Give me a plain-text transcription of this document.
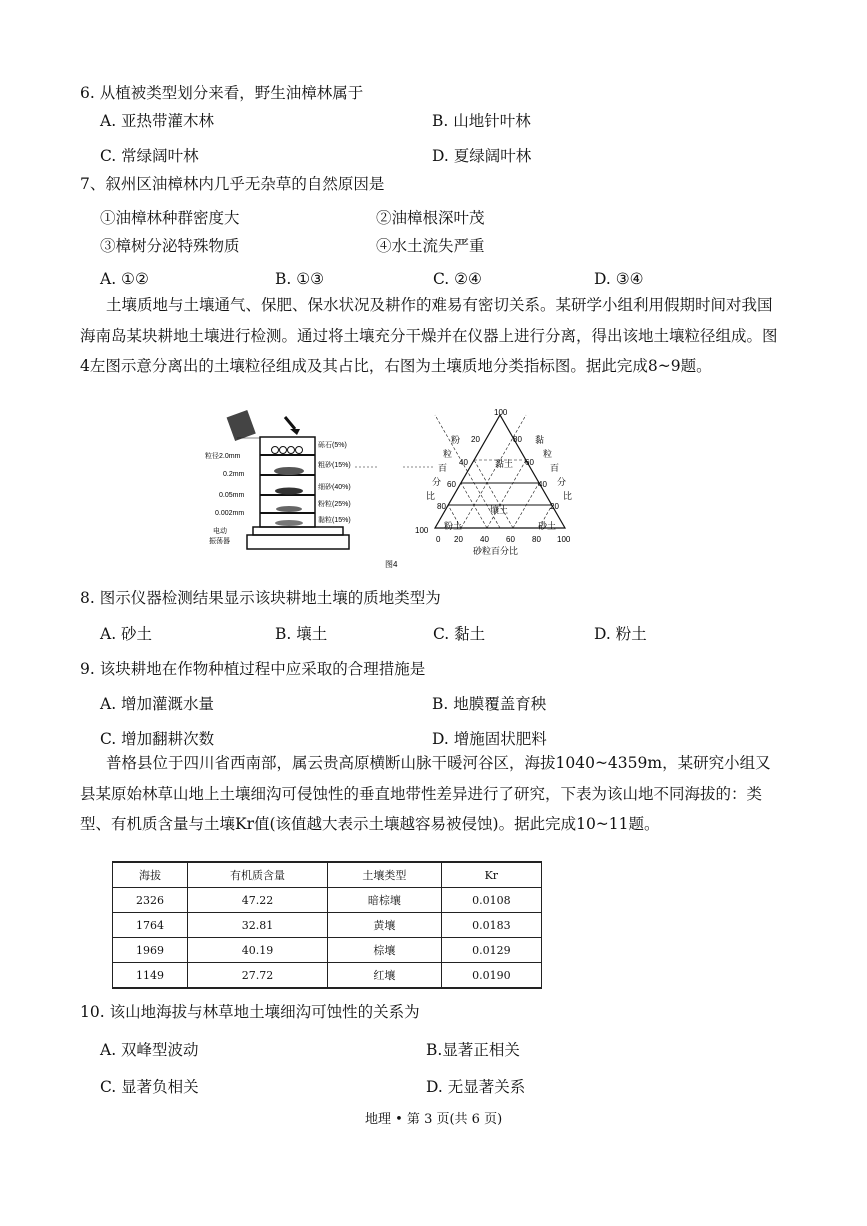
6. 从植被类型划分来看，野生油樟林属于
A. 亚热带灌木林	B. 山地针叶林
C. 常绿阔叶林	D. 夏绿阔叶林
7、叙州区油樟林内几乎无杂草的自然原因是
①油樟林种群密度大	②油樟根深叶茂
③樟树分泌特殊物质	④水土流失严重
A. ①②	B. ①③	C. ②④	D. ③④
土壤质地与土壤通气、保肥、保水状况及耕作的难易有密切关系。某研学小组利用假期时间对我国海南岛某块耕地土壤进行检测。通过将土壤充分干燥并在仪器上进行分离，得出该地土壤粒径组成。图4左图示意分离出的土壤粒径组成及其占比，右图为土壤质地分类指标图。据此完成8~9题。
粒径2.0mm
0.2mm
0.05mm
0.002mm
砾石(5%)
粗砂(15%)
细砂(40%)
粉粒(25%)
黏粒(15%)
电动
振荡器
100
0 20 40 60 80 100
20
40
60
80
100
80
60
40
20
粉
粒
百
分
比
黏
粒
百
分
比
黏土
壤土
粉土	砂土
砂粒百分比
图4
8. 图示仪器检测结果显示该块耕地土壤的质地类型为
A. 砂土	B. 壤土	C. 黏土	D. 粉土
9. 该块耕地在作物种植过程中应采取的合理措施是
A. 增加灌溉水量	B. 地膜覆盖育秧
C. 增加翻耕次数	D. 增施固状肥料
普格县位于四川省西南部，属云贵高原横断山脉干暖河谷区，海拔1040~4359m，某研究小组又县某原始林草山地上土壤细沟可侵蚀性的垂直地带性差异进行了研究，下表为该山地不同海拔的：类型、有机质含量与土壤Kr值(该值越大表示土壤越容易被侵蚀)。据此完成10~11题。
海拔	有机质含量	土壤类型	Kr
2326	47.22	暗棕壤	0.0108
1764	32.81	黄壤	0.0183
1969	40.19	棕壤	0.0129
1149	27.72	红壤	0.0190
10. 该山地海拔与林草地土壤细沟可蚀性的关系为
A. 双峰型波动	B.显著正相关
C. 显著负相关	D. 无显著关系
地理 • 第 3 页(共 6 页)
